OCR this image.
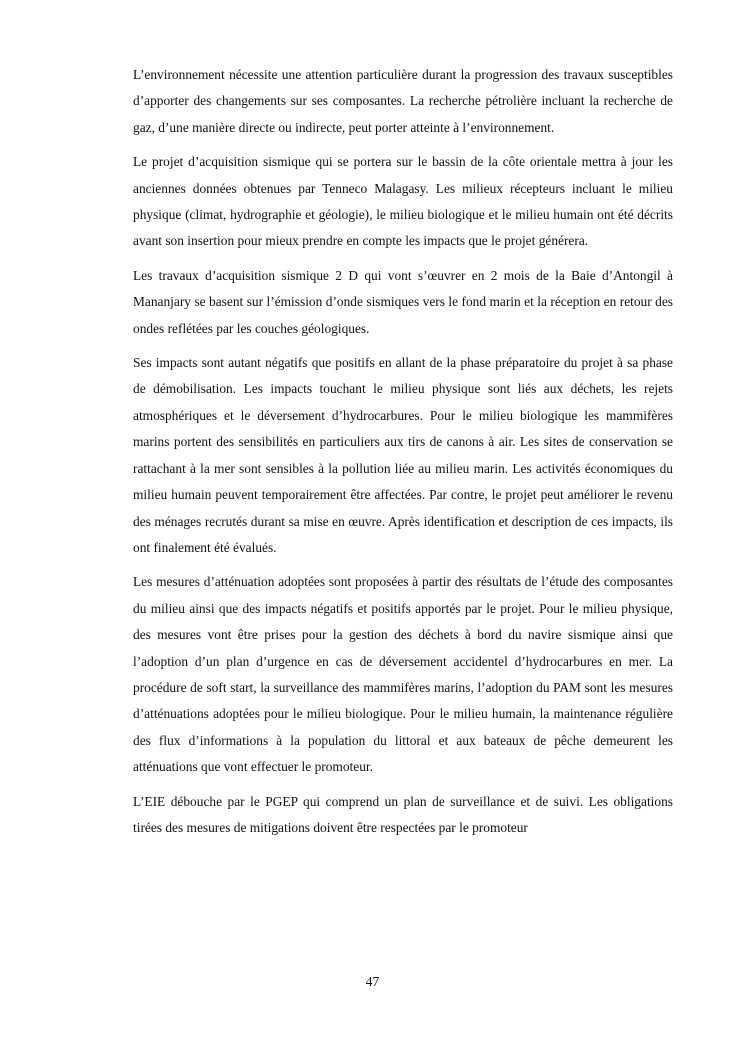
L’environnement nécessite une attention particulière durant la progression des travaux susceptibles d’apporter des changements sur ses composantes. La recherche pétrolière incluant la recherche de gaz, d’une manière directe ou indirecte, peut porter atteinte à l’environnement.

Le projet d’acquisition sismique qui se portera sur le bassin de la côte orientale mettra à jour les anciennes données obtenues par Tenneco Malagasy. Les milieux récepteurs incluant le milieu physique (climat, hydrographie et géologie), le milieu biologique et le milieu humain ont été décrits avant son insertion pour mieux prendre en compte les impacts que le projet générera.

Les travaux d’acquisition sismique 2 D qui vont s’œuvrer en 2 mois de la Baie d’Antongil à Mananjary se basent sur l’émission d’onde sismiques vers le fond marin et la réception en retour des ondes reflétées par les couches géologiques.

Ses impacts sont autant négatifs que positifs en allant de la phase préparatoire du projet à sa phase de démobilisation. Les impacts touchant le milieu physique sont liés aux déchets, les rejets atmosphériques et le déversement d’hydrocarbures. Pour le milieu biologique les mammifères marins portent des sensibilités en particuliers aux tirs de canons à air. Les sites de conservation se rattachant à la mer sont sensibles à la pollution liée au milieu marin. Les activités économiques du milieu humain peuvent temporairement être affectées. Par contre, le projet peut améliorer le revenu des ménages recrutés durant sa mise en œuvre. Après identification et description de ces impacts, ils ont finalement été évalués.

Les mesures d’atténuation adoptées sont proposées à partir des résultats de l’étude des composantes du milieu ainsi que des impacts négatifs et positifs apportés par le projet. Pour le milieu physique, des mesures vont être prises pour la gestion des déchets à bord du navire sismique ainsi que l’adoption d’un plan d’urgence en cas de déversement accidentel d’hydrocarbures en mer. La procédure de soft start, la surveillance des mammifères marins, l’adoption du PAM sont les mesures d’atténuations adoptées pour le milieu biologique. Pour le milieu humain, la maintenance régulière des flux d’informations à la population du littoral et aux bateaux de pêche demeurent les atténuations que vont effectuer le promoteur.

L’EIE débouche par le PGEP qui comprend un plan de surveillance et de suivi. Les obligations tirées des mesures de mitigations doivent être respectées par le promoteur

47
